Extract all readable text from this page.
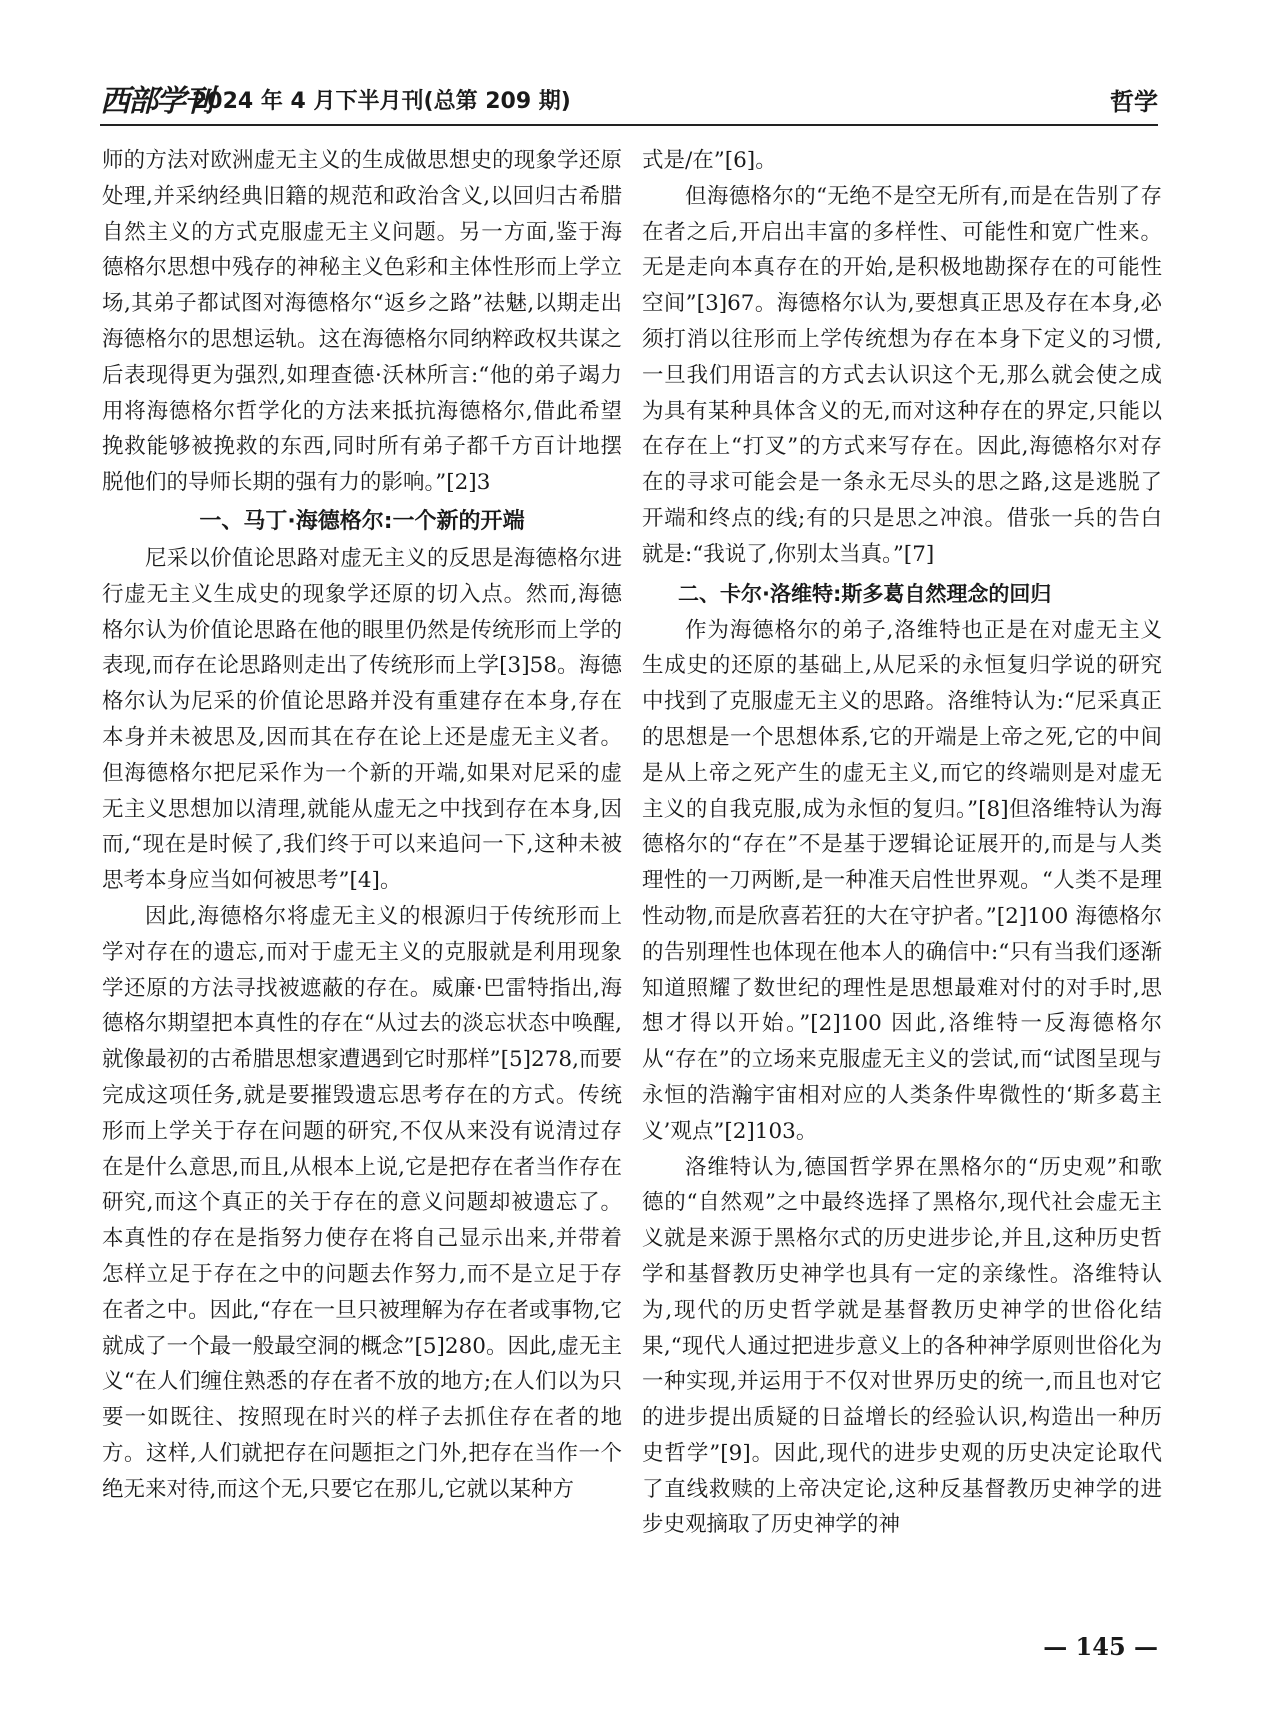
西部学刊
2024 年 4 月下半月刊(总第 209 期)	哲学

师的方法对欧洲虚无主义的生成做思想史的现象学还原处理,并采纳经典旧籍的规范和政治含义,以回归古希腊自然主义的方式克服虚无主义问题。另一方面,鉴于海德格尔思想中残存的神秘主义色彩和主体性形而上学立场,其弟子都试图对海德格尔“返乡之路”祛魅,以期走出海德格尔的思想运轨。这在海德格尔同纳粹政权共谋之后表现得更为强烈,如理查德·沃林所言:“他的弟子竭力用将海德格尔哲学化的方法来抵抗海德格尔,借此希望挽救能够被挽救的东西,同时所有弟子都千方百计地摆脱他们的导师长期的强有力的影响。”[2]3

一、马丁·海德格尔:一个新的开端

尼采以价值论思路对虚无主义的反思是海德格尔进行虚无主义生成史的现象学还原的切入点。然而,海德格尔认为价值论思路在他的眼里仍然是传统形而上学的表现,而存在论思路则走出了传统形而上学[3]58。海德格尔认为尼采的价值论思路并没有重建存在本身,存在本身并未被思及,因而其在存在论上还是虚无主义者。但海德格尔把尼采作为一个新的开端,如果对尼采的虚无主义思想加以清理,就能从虚无之中找到存在本身,因而,“现在是时候了,我们终于可以来追问一下,这种未被思考本身应当如何被思考”[4]。

因此,海德格尔将虚无主义的根源归于传统形而上学对存在的遗忘,而对于虚无主义的克服就是利用现象学还原的方法寻找被遮蔽的存在。威廉·巴雷特指出,海德格尔期望把本真性的存在“从过去的淡忘状态中唤醒,就像最初的古希腊思想家遭遇到它时那样”[5]278,而要完成这项任务,就是要摧毁遗忘思考存在的方式。传统形而上学关于存在问题的研究,不仅从来没有说清过存在是什么意思,而且,从根本上说,它是把存在者当作存在研究,而这个真正的关于存在的意义问题却被遗忘了。本真性的存在是指努力使存在将自己显示出来,并带着怎样立足于存在之中的问题去作努力,而不是立足于存在者之中。因此,“存在一旦只被理解为存在者或事物,它就成了一个最一般最空洞的概念”[5]280。因此,虚无主义“在人们缠住熟悉的存在者不放的地方;在人们以为只要一如既往、按照现在时兴的样子去抓住存在者的地方。这样,人们就把存在问题拒之门外,把存在当作一个绝无来对待,而这个无,只要它在那儿,它就以某种方

式是/在”[6]。

但海德格尔的“无绝不是空无所有,而是在告别了存在者之后,开启出丰富的多样性、可能性和宽广性来。无是走向本真存在的开始,是积极地勘探存在的可能性空间”[3]67。海德格尔认为,要想真正思及存在本身,必须打消以往形而上学传统想为存在本身下定义的习惯,一旦我们用语言的方式去认识这个无,那么就会使之成为具有某种具体含义的无,而对这种存在的界定,只能以在存在上“打叉”的方式来写存在。因此,海德格尔对存在的寻求可能会是一条永无尽头的思之路,这是逃脱了开端和终点的线;有的只是思之冲浪。借张一兵的告白就是:“我说了,你别太当真。”[7]

二、卡尔·洛维特:斯多葛自然理念的回归

作为海德格尔的弟子,洛维特也正是在对虚无主义生成史的还原的基础上,从尼采的永恒复归学说的研究中找到了克服虚无主义的思路。洛维特认为:“尼采真正的思想是一个思想体系,它的开端是上帝之死,它的中间是从上帝之死产生的虚无主义,而它的终端则是对虚无主义的自我克服,成为永恒的复归。”[8]但洛维特认为海德格尔的“存在”不是基于逻辑论证展开的,而是与人类理性的一刀两断,是一种准天启性世界观。“人类不是理性动物,而是欣喜若狂的大在守护者。”[2]100 海德格尔的告别理性也体现在他本人的确信中:“只有当我们逐渐知道照耀了数世纪的理性是思想最难对付的对手时,思想才得以开始。”[2]100 因此,洛维特一反海德格尔从“存在”的立场来克服虚无主义的尝试,而“试图呈现与永恒的浩瀚宇宙相对应的人类条件卑微性的‘斯多葛主义’观点”[2]103。

洛维特认为,德国哲学界在黑格尔的“历史观”和歌德的“自然观”之中最终选择了黑格尔,现代社会虚无主义就是来源于黑格尔式的历史进步论,并且,这种历史哲学和基督教历史神学也具有一定的亲缘性。洛维特认为,现代的历史哲学就是基督教历史神学的世俗化结果,“现代人通过把进步意义上的各种神学原则世俗化为一种实现,并运用于不仅对世界历史的统一,而且也对它的进步提出质疑的日益增长的经验认识,构造出一种历史哲学”[9]。因此,现代的进步史观的历史决定论取代了直线救赎的上帝决定论,这种反基督教历史神学的进步史观摘取了历史神学的神

— 145 —
